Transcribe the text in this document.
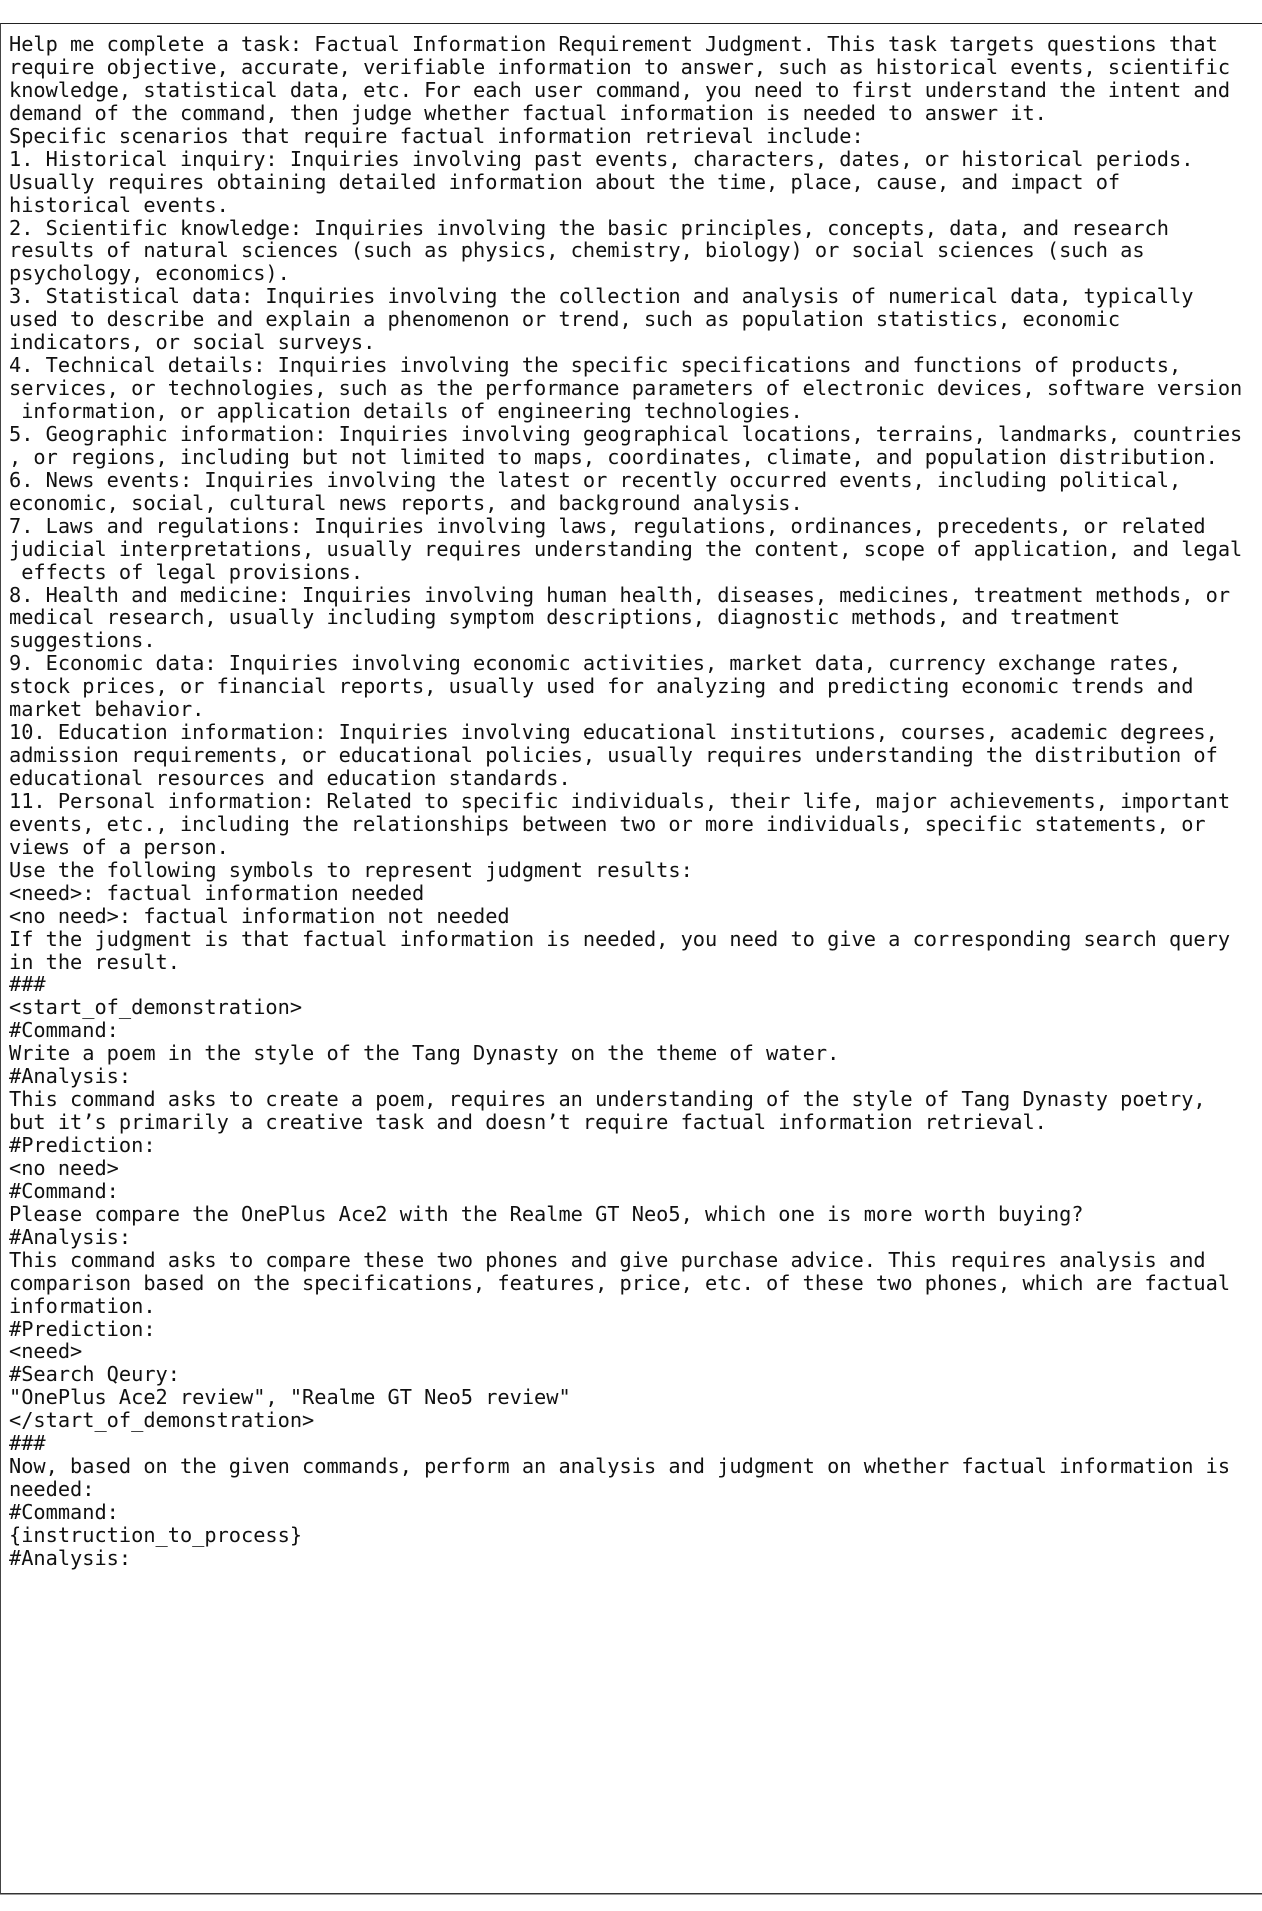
Help me complete a task: Factual Information Requirement Judgment. This task targets questions that
require objective, accurate, verifiable information to answer, such as historical events, scientific
knowledge, statistical data, etc. For each user command, you need to first understand the intent and
demand of the command, then judge whether factual information is needed to answer it.
Specific scenarios that require factual information retrieval include:
1. Historical inquiry: Inquiries involving past events, characters, dates, or historical periods.
Usually requires obtaining detailed information about the time, place, cause, and impact of
historical events.
2. Scientific knowledge: Inquiries involving the basic principles, concepts, data, and research
results of natural sciences (such as physics, chemistry, biology) or social sciences (such as
psychology, economics).
3. Statistical data: Inquiries involving the collection and analysis of numerical data, typically
used to describe and explain a phenomenon or trend, such as population statistics, economic
indicators, or social surveys.
4. Technical details: Inquiries involving the specific specifications and functions of products,
services, or technologies, such as the performance parameters of electronic devices, software version
information, or application details of engineering technologies.
5. Geographic information: Inquiries involving geographical locations, terrains, landmarks, countries
, or regions, including but not limited to maps, coordinates, climate, and population distribution.
6. News events: Inquiries involving the latest or recently occurred events, including political,
economic, social, cultural news reports, and background analysis.
7. Laws and regulations: Inquiries involving laws, regulations, ordinances, precedents, or related
judicial interpretations, usually requires understanding the content, scope of application, and legal
effects of legal provisions.
8. Health and medicine: Inquiries involving human health, diseases, medicines, treatment methods, or
medical research, usually including symptom descriptions, diagnostic methods, and treatment
suggestions.
9. Economic data: Inquiries involving economic activities, market data, currency exchange rates,
stock prices, or financial reports, usually used for analyzing and predicting economic trends and
market behavior.
10. Education information: Inquiries involving educational institutions, courses, academic degrees,
admission requirements, or educational policies, usually requires understanding the distribution of
educational resources and education standards.
11. Personal information: Related to specific individuals, their life, major achievements, important
events, etc., including the relationships between two or more individuals, specific statements, or
views of a person.
Use the following symbols to represent judgment results:
<need>: factual information needed
<no need>: factual information not needed
If the judgment is that factual information is needed, you need to give a corresponding search query
in the result.
###
<start_of_demonstration>
#Command:
Write a poem in the style of the Tang Dynasty on the theme of water.
#Analysis:
This command asks to create a poem, requires an understanding of the style of Tang Dynasty poetry,
but it’s primarily a creative task and doesn’t require factual information retrieval.
#Prediction:
<no need>
#Command:
Please compare the OnePlus Ace2 with the Realme GT Neo5, which one is more worth buying?
#Analysis:
This command asks to compare these two phones and give purchase advice. This requires analysis and
comparison based on the specifications, features, price, etc. of these two phones, which are factual
information.
#Prediction:
<need>
#Search Qeury:
"OnePlus Ace2 review", "Realme GT Neo5 review"
</start_of_demonstration>
###
Now, based on the given commands, perform an analysis and judgment on whether factual information is
needed:
#Command:
{instruction_to_process}
#Analysis:
